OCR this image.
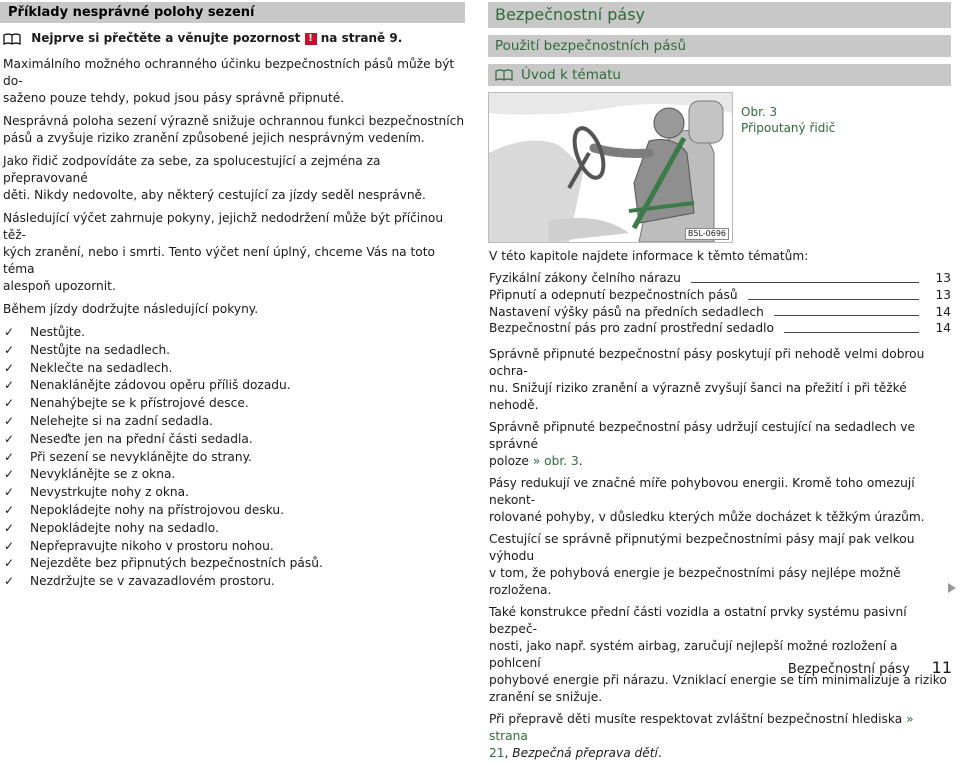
Příklady nesprávné polohy sezení
Nejprve si přečtěte a věnujte pozornost ! na straně 9.

Maximálního možného ochranného účinku bezpečnostních pásů může být do-

saženo pouze tehdy, pokud jsou pásy správně připnuté.

Nesprávná poloha sezení výrazně snižuje ochrannou funkci bezpečnostních

pásů a zvyšuje riziko zranění způsobené jejich nesprávným vedením.

Jako řidič zodpovídáte za sebe, za spolucestující a zejména za přepravované

děti. Nikdy nedovolte, aby některý cestující za jízdy seděl nesprávně.

Následující výčet zahrnuje pokyny, jejichž nedodržení může být příčinou těž-

kých zranění, nebo i smrti. Tento výčet není úplný, chceme Vás na toto téma

alespoň upozornit.

Během jízdy dodržujte následující pokyny.

✓ Nestůjte.
✓ Nestůjte na sedadlech.
✓ Neklečte na sedadlech.
✓ Nenaklánějte zádovou opěru příliš dozadu.
✓ Nenahýbejte se k přístrojové desce.
✓ Nelehejte si na zadní sedadla.
✓ Neseďte jen na přední části sedadla.
✓ Při sezení se nevyklánějte do strany.
✓ Nevyklánějte se z okna.
✓ Nevystrkujte nohy z okna.
✓ Nepokládejte nohy na přístrojovou desku.
✓ Nepokládejte nohy na sedadlo.
✓ Nepřepravujte nikoho v prostoru nohou.
✓ Nejezděte bez připnutých bezpečnostních pásů.
✓ Nezdržujte se v zavazadlovém prostoru.
Bezpečnostní pásy
Použití bezpečnostních pásů
Úvod k tématu
B5L-0696
Obr. 3
Připoutaný řidič

V této kapitole najdete informace k těmto tématům:

Fyzikální zákony čelního nárazu	13
Připnutí a odepnutí bezpečnostních pásů	13
Nastavení výšky pásů na předních sedadlech	14
Bezpečnostní pás pro zadní prostřední sedadlo	14

Správně připnuté bezpečnostní pásy poskytují při nehodě velmi dobrou ochra-

nu. Snižují riziko zranění a výrazně zvyšují šanci na přežití i při těžké nehodě.

Správně připnuté bezpečnostní pásy udržují cestující na sedadlech ve správné

poloze » obr. 3.

Pásy redukují ve značné míře pohybovou energii. Kromě toho omezují nekont-

rolované pohyby, v důsledku kterých může docházet k těžkým úrazům.

Cestující se správně připnutými bezpečnostními pásy mají pak velkou výhodu

v tom, že pohybová energie je bezpečnostními pásy nejlépe možně rozložena.

Také konstrukce přední části vozidla a ostatní prvky systému pasivní bezpeč-

nosti, jako např. systém airbag, zaručují nejlepší možné rozložení a pohlcení

pohybové energie při nárazu. Vzniklací energie se tím minimalizuje a riziko

zranění se snižuje.

Při přepravě děti musíte respektovat zvláštní bezpečnostní hlediska » strana

21, Bezpečná přeprava dětí.

Bezpečnostní pásy 11
